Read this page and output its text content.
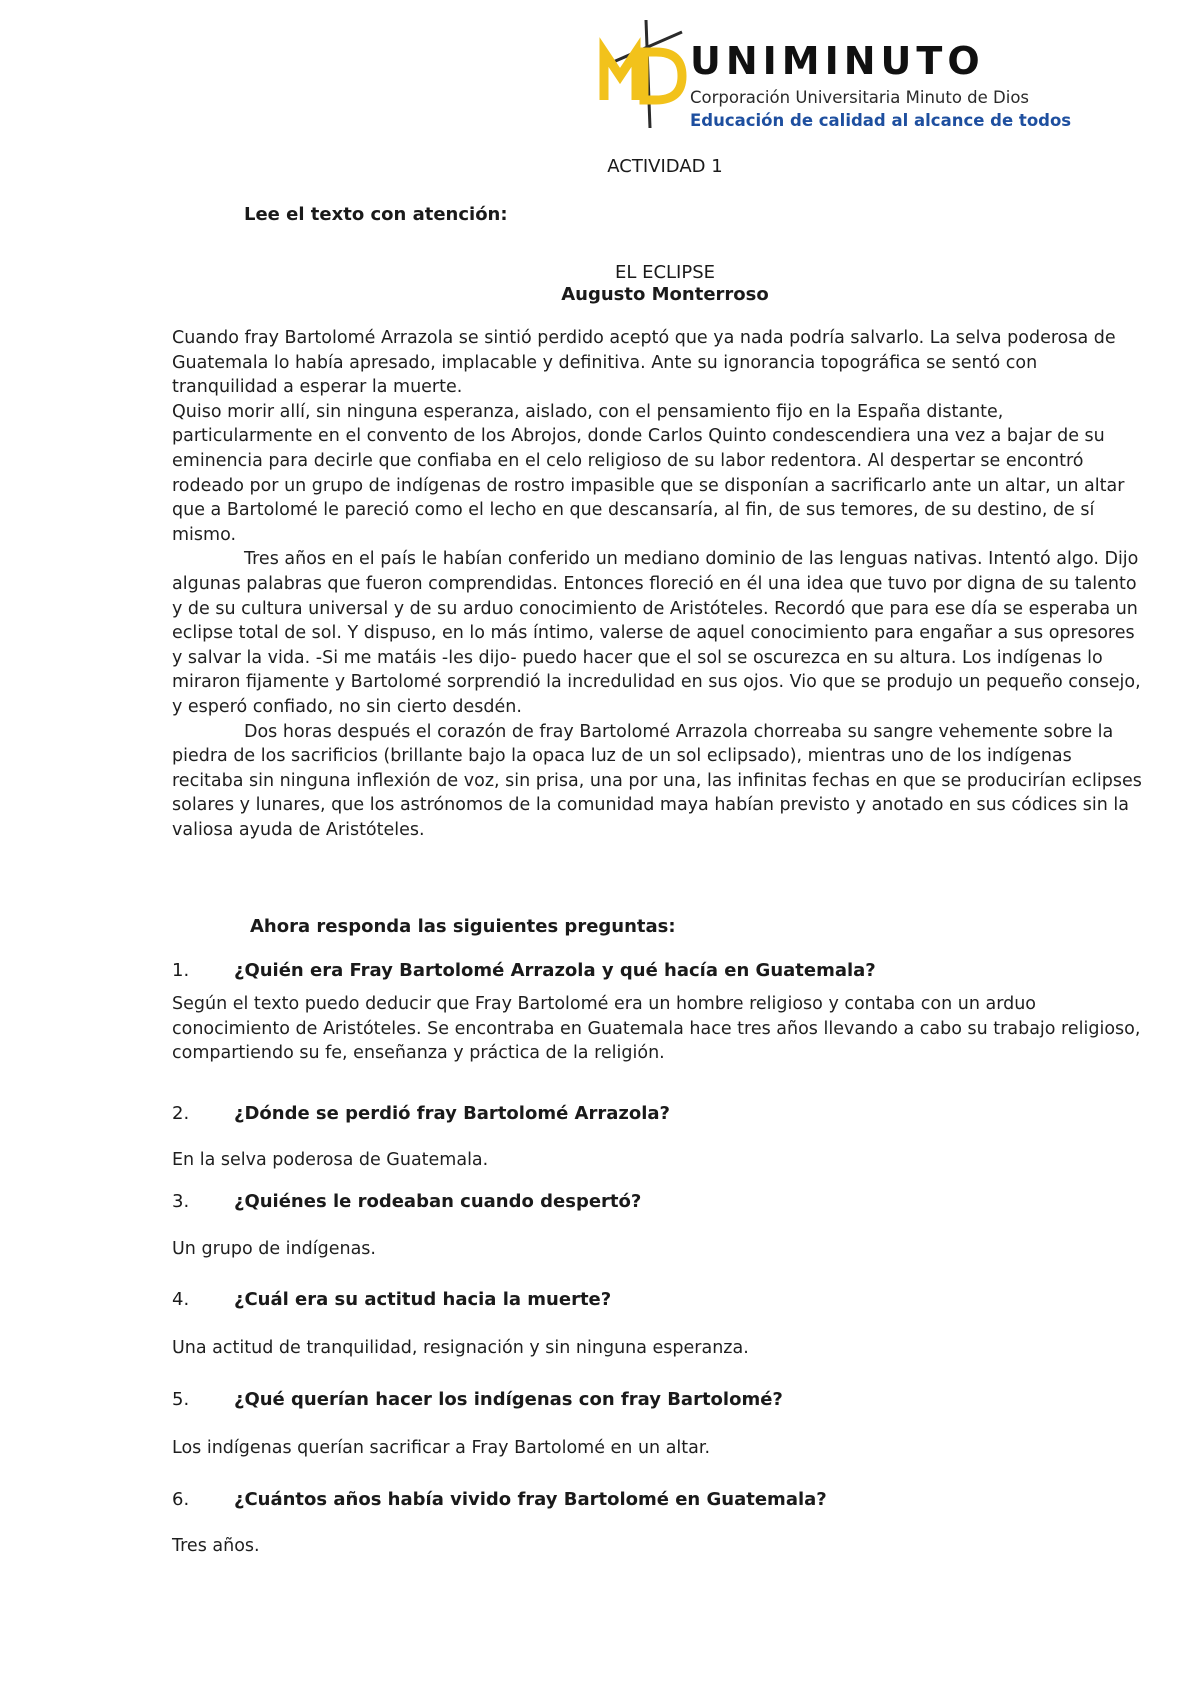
UNIMINUTO
Corporación Universitaria Minuto de Dios
Educación de calidad al alcance de todos
ACTIVIDAD 1
Lee el texto con atención:
EL ECLIPSE
Augusto Monterroso

Cuando fray Bartolomé Arrazola se sintió perdido aceptó que ya nada podría salvarlo. La selva poderosa de Guatemala lo había apresado, implacable y definitiva. Ante su ignorancia topográfica se sentó con tranquilidad a esperar la muerte.

Quiso morir allí, sin ninguna esperanza, aislado, con el pensamiento fijo en la España distante, particularmente en el convento de los Abrojos, donde Carlos Quinto condescendiera una vez a bajar de su eminencia para decirle que confiaba en el celo religioso de su labor redentora. Al despertar se encontró rodeado por un grupo de indígenas de rostro impasible que se disponían a sacrificarlo ante un altar, un altar que a Bartolomé le pareció como el lecho en que descansaría, al fin, de sus temores, de su destino, de sí mismo.

Tres años en el país le habían conferido un mediano dominio de las lenguas nativas. Intentó algo. Dijo algunas palabras que fueron comprendidas. Entonces floreció en él una idea que tuvo por digna de su talento y de su cultura universal y de su arduo conocimiento de Aristóteles. Recordó que para ese día se esperaba un eclipse total de sol. Y dispuso, en lo más íntimo, valerse de aquel conocimiento para engañar a sus opresores y salvar la vida. -Si me matáis -les dijo- puedo hacer que el sol se oscurezca en su altura. Los indígenas lo miraron fijamente y Bartolomé sorprendió la incredulidad en sus ojos. Vio que se produjo un pequeño consejo, y esperó confiado, no sin cierto desdén.

Dos horas después el corazón de fray Bartolomé Arrazola chorreaba su sangre vehemente sobre la piedra de los sacrificios (brillante bajo la opaca luz de un sol eclipsado), mientras uno de los indígenas recitaba sin ninguna inflexión de voz, sin prisa, una por una, las infinitas fechas en que se producirían eclipses solares y lunares, que los astrónomos de la comunidad maya habían previsto y anotado en sus códices sin la valiosa ayuda de Aristóteles.

Ahora responda las siguientes preguntas:
1. ¿Quién era Fray Bartolomé Arrazola y qué hacía en Guatemala?

Según el texto puedo deducir que Fray Bartolomé era un hombre religioso y contaba con un arduo conocimiento de Aristóteles. Se encontraba en Guatemala hace tres años llevando a cabo su trabajo religioso, compartiendo su fe, enseñanza y práctica de la religión.

2. ¿Dónde se perdió fray Bartolomé Arrazola?

En la selva poderosa de Guatemala.

3. ¿Quiénes le rodeaban cuando despertó?

Un grupo de indígenas.

4. ¿Cuál era su actitud hacia la muerte?

Una actitud de tranquilidad, resignación y sin ninguna esperanza.

5. ¿Qué querían hacer los indígenas con fray Bartolomé?

Los indígenas querían sacrificar a Fray Bartolomé en un altar.

6. ¿Cuántos años había vivido fray Bartolomé en Guatemala?

Tres años.
